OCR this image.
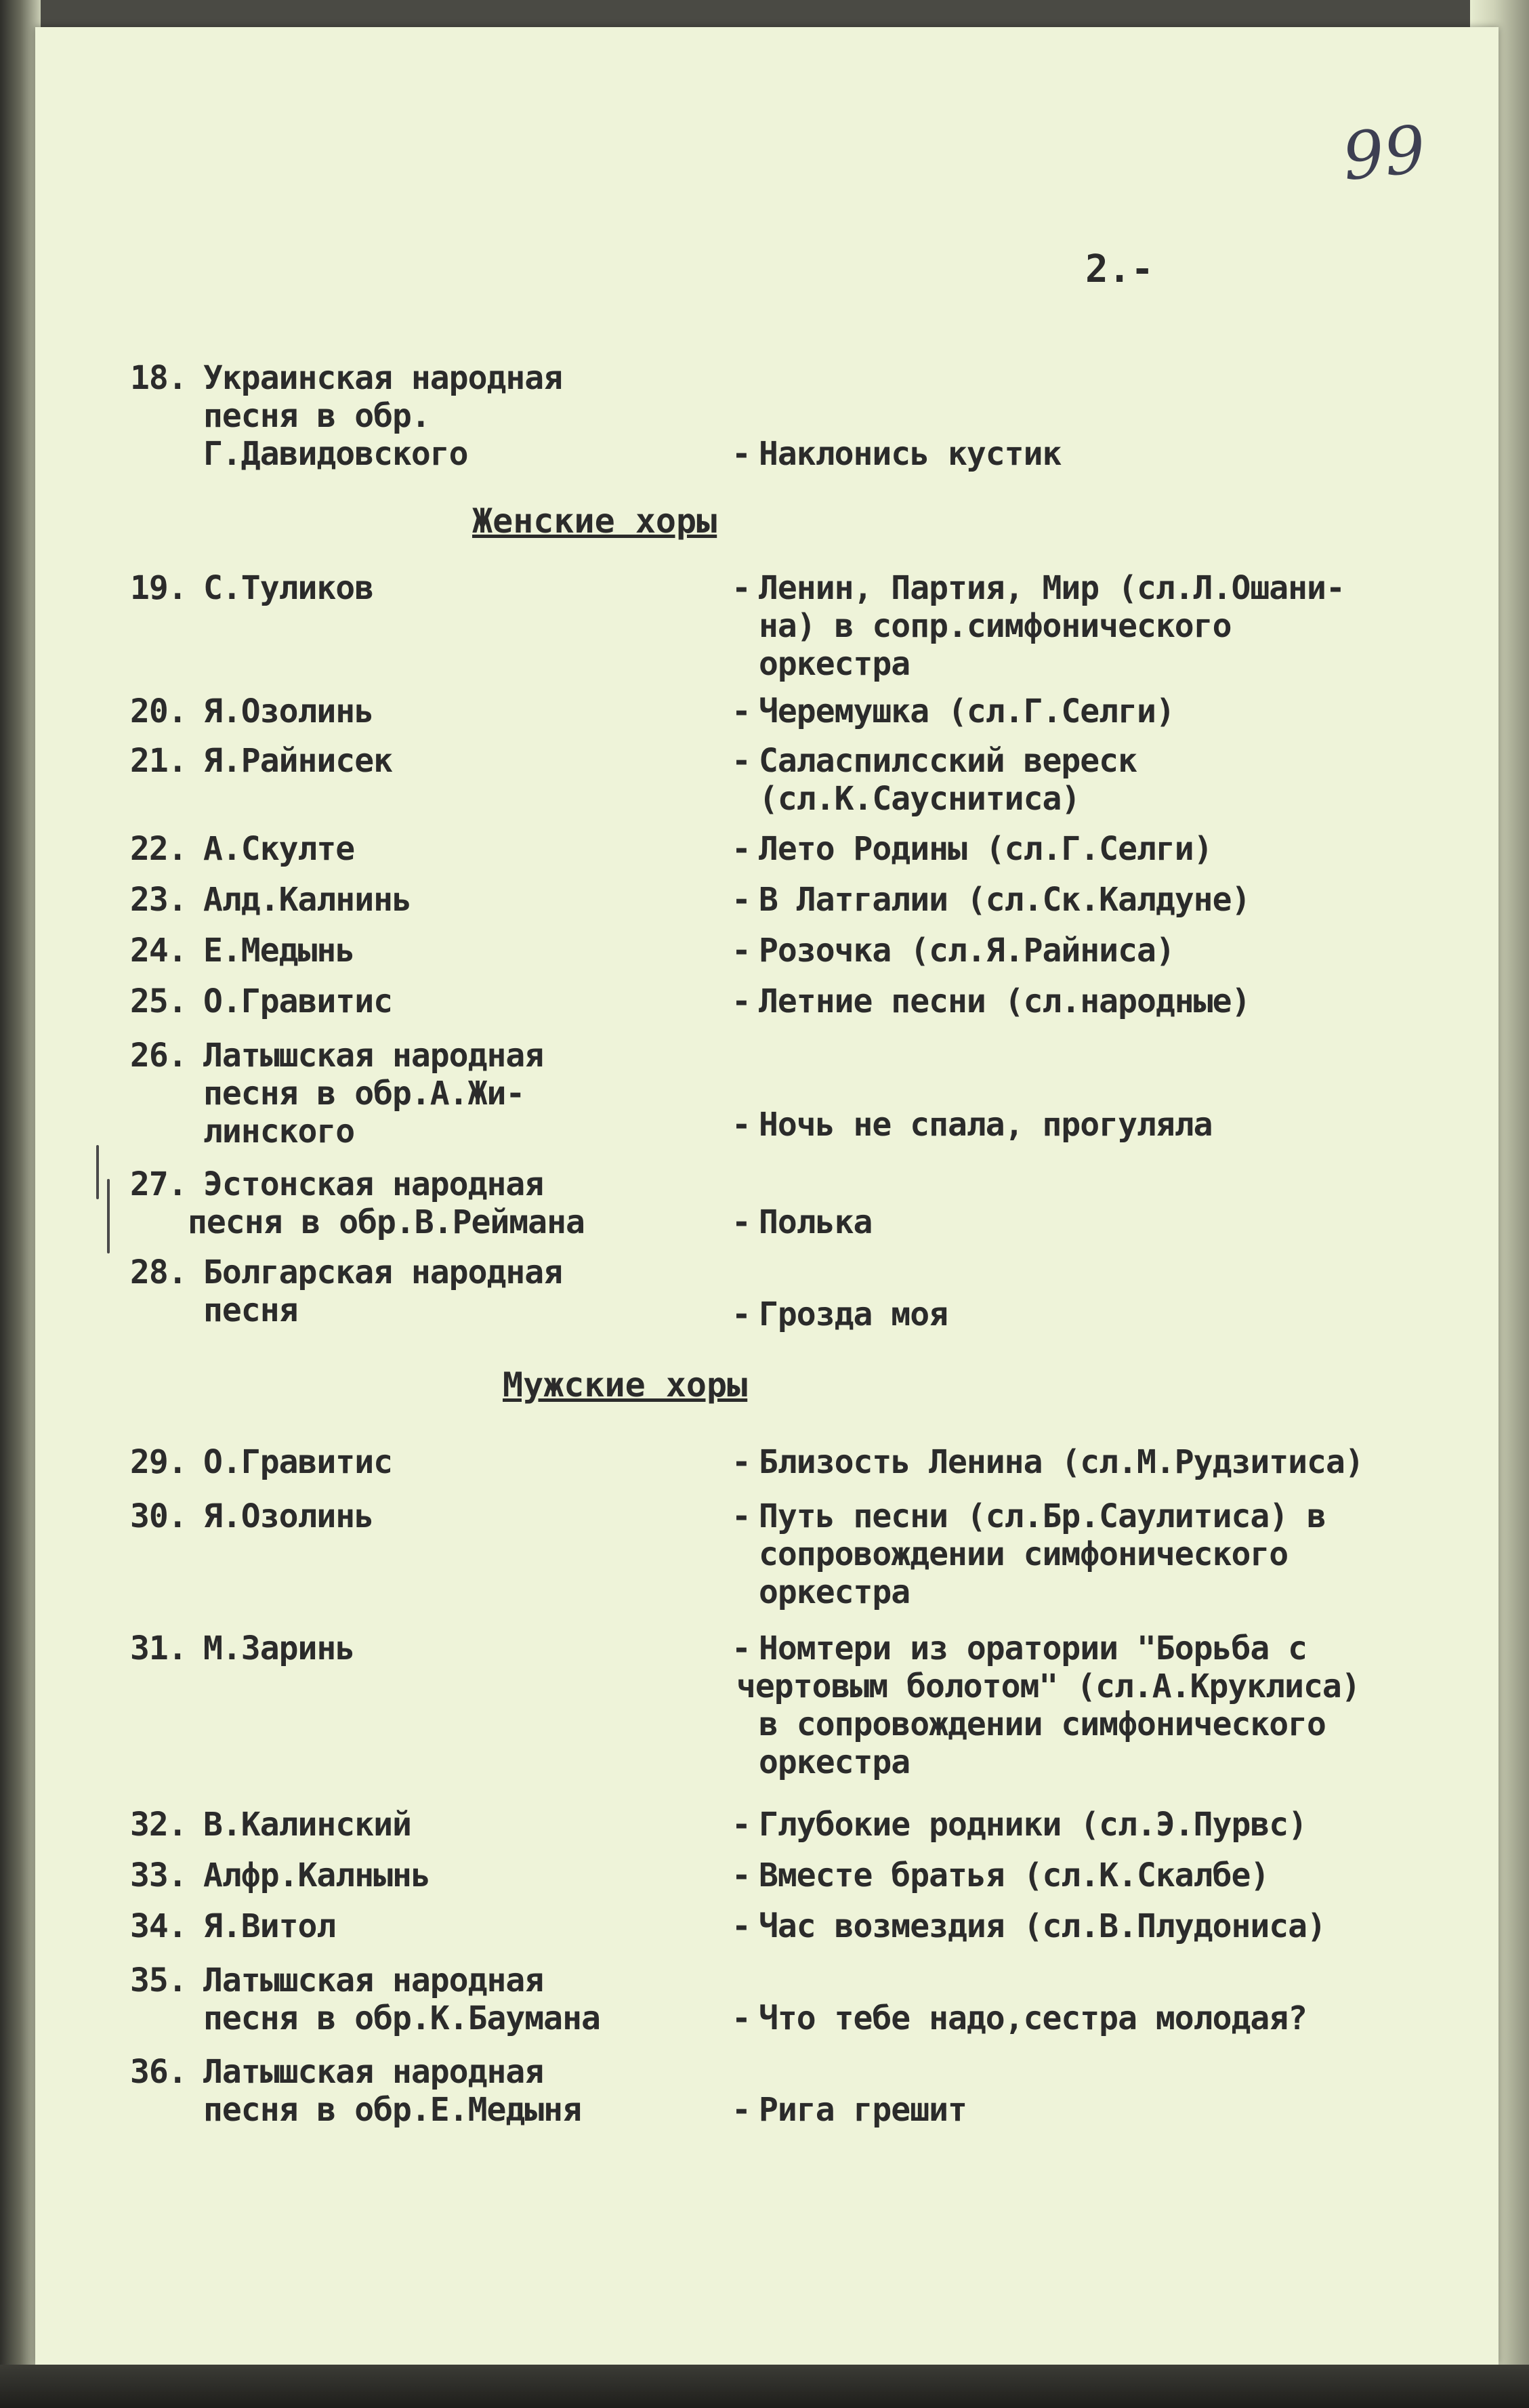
99
2.-
18. Украинская народная
песня в обр.
Г.Давидовского	- Наклонись кустик
Женские хоры
19. С.Туликов	- Ленин, Партия, Мир (сл.Л.Ошани-
на) в сопр.симфонического
оркестра
20. Я.Озолинь	- Черемушка (сл.Г.Селги)
21. Я.Райнисек	- Саласпилсский вереск
(сл.К.Сауснитиса)
22. А.Скулте	- Лето Родины (сл.Г.Селги)
23. Алд.Калнинь	- В Латгалии (сл.Ск.Калдуне)
24. Е.Медынь	- Розочка (сл.Я.Райниса)
25. О.Гравитис	- Летние песни (сл.народные)
26. Латышская народная
песня в обр.А.Жи-
линского	- Ночь не спала, прогуляла
27. Эстонская народная
песня в обр.В.Реймана	- Полька
28. Болгарская народная
песня	- Гроздa моя
Мужские хоры
29. О.Гравитис	- Близость Ленина (сл.М.Рудзитиса)
30. Я.Озолинь	- Путь песни (сл.Бр.Саулитиса) в
сопровождении симфонического
оркестра
31. М.Заринь	- Номтери из оратории "Борьба с
чертовым болотом" (сл.А.Круклиса)
в сопровождении симфонического
оркестра
32. В.Калинский	- Глубокие родники (сл.Э.Пурвс)
33. Алфр.Калнынь	- Вместе братья (сл.К.Скалбе)
34. Я.Витол	- Час возмездия (сл.В.Плудониса)
35. Латышская народная
песня в обр.К.Баумана	- Что тебе надо,сестра молодая?
36. Латышская народная
песня в обр.Е.Медыня	- Рига грешит
